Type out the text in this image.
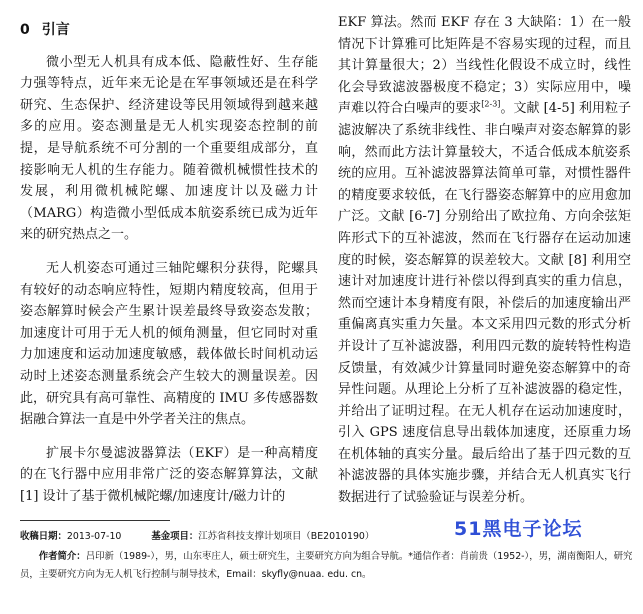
0 引言

微小型无人机具有成本低、隐蔽性好、生存能力强等特点，近年来无论是在军事领域还是在科学研究、生态保护、经济建设等民用领域得到越来越多的应用。姿态测量是无人机实现姿态控制的前提，是导航系统不可分割的一个重要组成部分，直接影响无人机的生存能力。随着微机械惯性技术的发展，利用微机械陀螺、加速度计以及磁力计（MARG）构造微小型低成本航姿系统已成为近年来的研究热点之一。

无人机姿态可通过三轴陀螺积分获得，陀螺具有较好的动态响应特性，短期内精度较高，但用于姿态解算时候会产生累计误差最终导致姿态发散；加速度计可用于无人机的倾角测量，但它同时对重力加速度和运动加速度敏感，载体做长时间机动运动时上述姿态测量系统会产生较大的测量误差。因此，研究具有高可靠性、高精度的 IMU 多传感器数据融合算法一直是中外学者关注的焦点。

扩展卡尔曼滤波器算法（EKF）是一种高精度的在飞行器中应用非常广泛的姿态解算算法，文献 [1] 设计了基于微机械陀螺/加速度计/磁力计的

EKF 算法。然而 EKF 存在 3 大缺陷：1）在一般情况下计算雅可比矩阵是不容易实现的过程，而且其计算量很大；2）当线性化假设不成立时，线性化会导致滤波器极度不稳定；3）实际应用中，噪声难以符合白噪声的要求[2-3]。文献 [4-5] 利用粒子滤波解决了系统非线性、非白噪声对姿态解算的影响，然而此方法计算量较大，不适合低成本航姿系统的应用。互补滤波器算法简单可靠，对惯性器件的精度要求较低，在飞行器姿态解算中的应用愈加广泛。文献 [6-7] 分别给出了欧拉角、方向余弦矩阵形式下的互补滤波，然而在飞行器存在运动加速度的时候，姿态解算的误差较大。文献 [8] 利用空速计对加速度计进行补偿以得到真实的重力信息，然而空速计本身精度有限，补偿后的加速度输出严重偏离真实重力矢量。本文采用四元数的形式分析并设计了互补滤波器，利用四元数的旋转特性构造反馈量，有效减少计算量同时避免姿态解算中的奇异性问题。从理论上分析了互补滤波器的稳定性，并给出了证明过程。在无人机存在运动加速度时，引入 GPS 速度信息导出载体加速度，还原重力场在机体轴的真实分量。最后给出了基于四元数的互补滤波器的具体实施步骤，并结合无人机真实飞行数据进行了试验验证与误差分析。
收稿日期：2013-07-10	基金项目：江苏省科技支撑计划项目（BE2010190）
作者简介：吕印新（1989-），男，山东枣庄人，硕士研究生，主要研究方向为组合导航。*通信作者：肖前贵（1952-），男，湖南衡阳人，研究员，主要研究方向为无人机飞行控制与制导技术，Email：skyfly@nuaa. edu. cn。
51黑电子论坛
